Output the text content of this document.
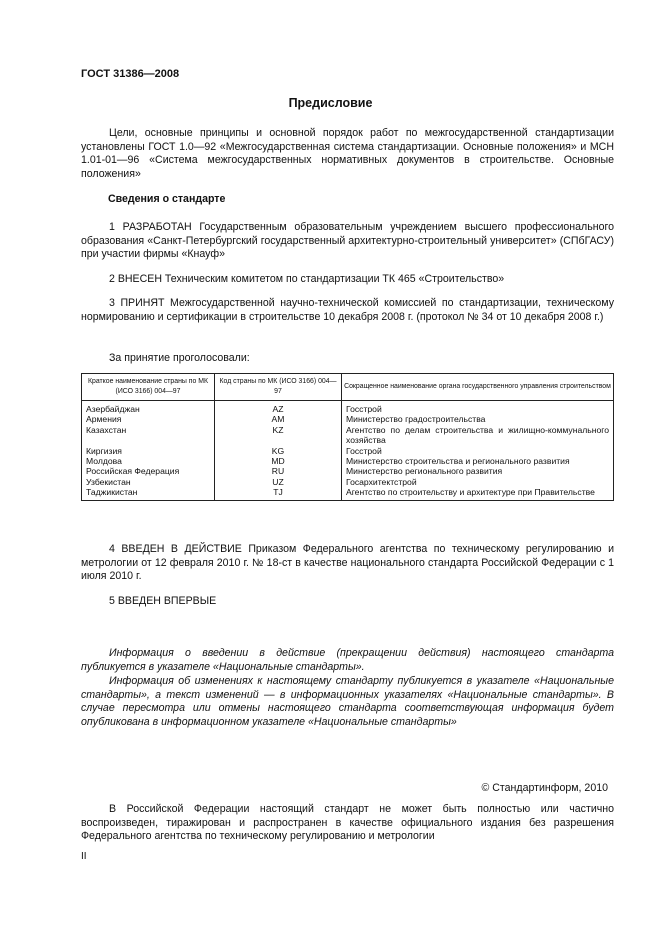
ГОСТ 31386—2008
Предисловие
Цели, основные принципы и основной порядок работ по межгосударственной стандартизации установлены ГОСТ 1.0—92 «Межгосударственная система стандартизации. Основные положения» и МСН 1.01-01—96 «Система межгосударственных нормативных документов в строительстве. Основные положения»
Сведения о стандарте
1 РАЗРАБОТАН Государственным образовательным учреждением высшего профессионального образования «Санкт-Петербургский государственный архитектурно-строительный университет» (СПбГАСУ) при участии фирмы «Кнауф»
2 ВНЕСЕН Техническим комитетом по стандартизации ТК 465 «Строительство»
3 ПРИНЯТ Межгосударственной научно-технической комиссией по стандартизации, техническому нормированию и сертификации в строительстве 10 декабря 2008 г. (протокол № 34 от 10 декабря 2008 г.)
За принятие проголосовали:
Краткое наименование страны по МК (ИСО 3166) 004—97	Код страны по МК (ИСО 3166) 004—97	Сокращенное наименование органа государственного управления строительством
Азербайджан	AZ	Госстрой
Армения	AM	Министерство градостроительства
Казахстан	KZ	Агентство по делам строительства и жилищно-коммунального хозяйства
Киргизия	KG	Госстрой
Молдова	MD	Министерство строительства и регионального развития
Российская Федерация	RU	Министерство регионального развития
Узбекистан	UZ	Госархитектстрой
Таджикистан	TJ	Агентство по строительству и архитектуре при Правительстве
4 ВВЕДЕН В ДЕЙСТВИЕ Приказом Федерального агентства по техническому регулированию и метрологии от 12 февраля 2010 г. № 18-ст в качестве национального стандарта Российской Федерации с 1 июля 2010 г.
5 ВВЕДЕН ВПЕРВЫЕ
Информация о введении в действие (прекращении действия) настоящего стандарта публикуется в указателе «Национальные стандарты».
Информация об изменениях к настоящему стандарту публикуется в указателе «Национальные стандарты», а текст изменений — в информационных указателях «Национальные стандарты». В случае пересмотра или отмены настоящего стандарта соответствующая информация будет опубликована в информационном указателе «Национальные стандарты»
© Стандартинформ, 2010
В Российской Федерации настоящий стандарт не может быть полностью или частично воспроизведен, тиражирован и распространен в качестве официального издания без разрешения Федерального агентства по техническому регулированию и метрологии
II
